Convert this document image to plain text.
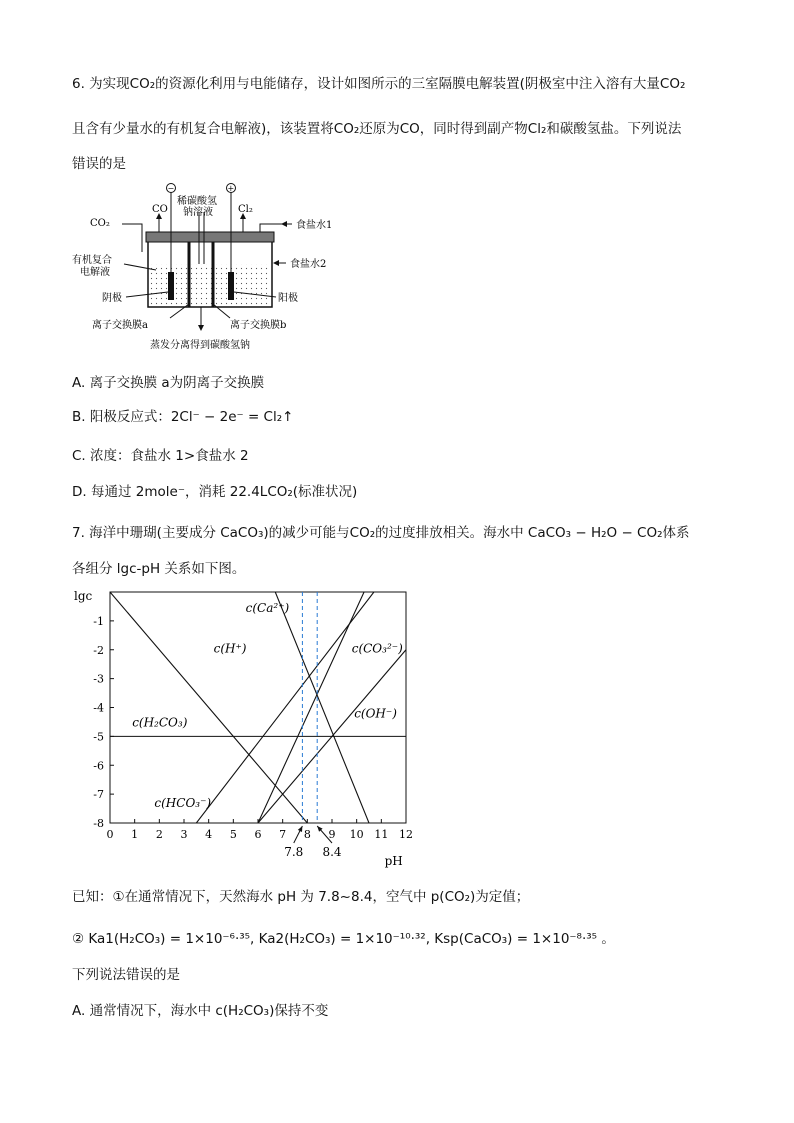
6. 为实现CO₂的资源化利用与电能储存，设计如图所示的三室隔膜电解装置(阴极室中注入溶有大量CO₂
且含有少量水的有机复合电解液)，该装置将CO₂还原为CO，同时得到副产物Cl₂和碳酸氢盐。下列说法
错误的是
−	+
稀碳酸氢
钠溶液
CO₂
CO	Cl₂
食盐水1
食盐水2
有机复合
电解液
阴极	阳极
离子交换膜a	离子交换膜b
蒸发分离得到碳酸氢钠
A. 离子交换膜 a为阴离子交换膜
B. 阳极反应式：2Cl⁻ − 2e⁻ = Cl₂↑
C. 浓度：食盐水 1>食盐水 2
D. 每通过 2mole⁻，消耗 22.4LCO₂(标准状况)
7. 海洋中珊瑚(主要成分 CaCO₃)的减少可能与CO₂的过度排放相关。海水中 CaCO₃ − H₂O − CO₂体系
各组分 lgc-pH 关系如下图。
lgc
-1
-2
-3
-4
-5
-6
-7
-8
0 1 2 3 4 5 6 7 8 9 10 11 12
pH
c(H⁺)
c(H₂CO₃)
c(HCO₃⁻)
c(CO₃²⁻)
c(OH⁻)
c(Ca²⁺)
7.8 8.4
已知：①在通常情况下，天然海水 pH 为 7.8~8.4，空气中 p(CO₂)为定值；
② Ka1(H₂CO₃) = 1×10⁻⁶·³⁵, Ka2(H₂CO₃) = 1×10⁻¹⁰·³², Ksp(CaCO₃) = 1×10⁻⁸·³⁵ 。
下列说法错误的是
A. 通常情况下，海水中 c(H₂CO₃)保持不变
